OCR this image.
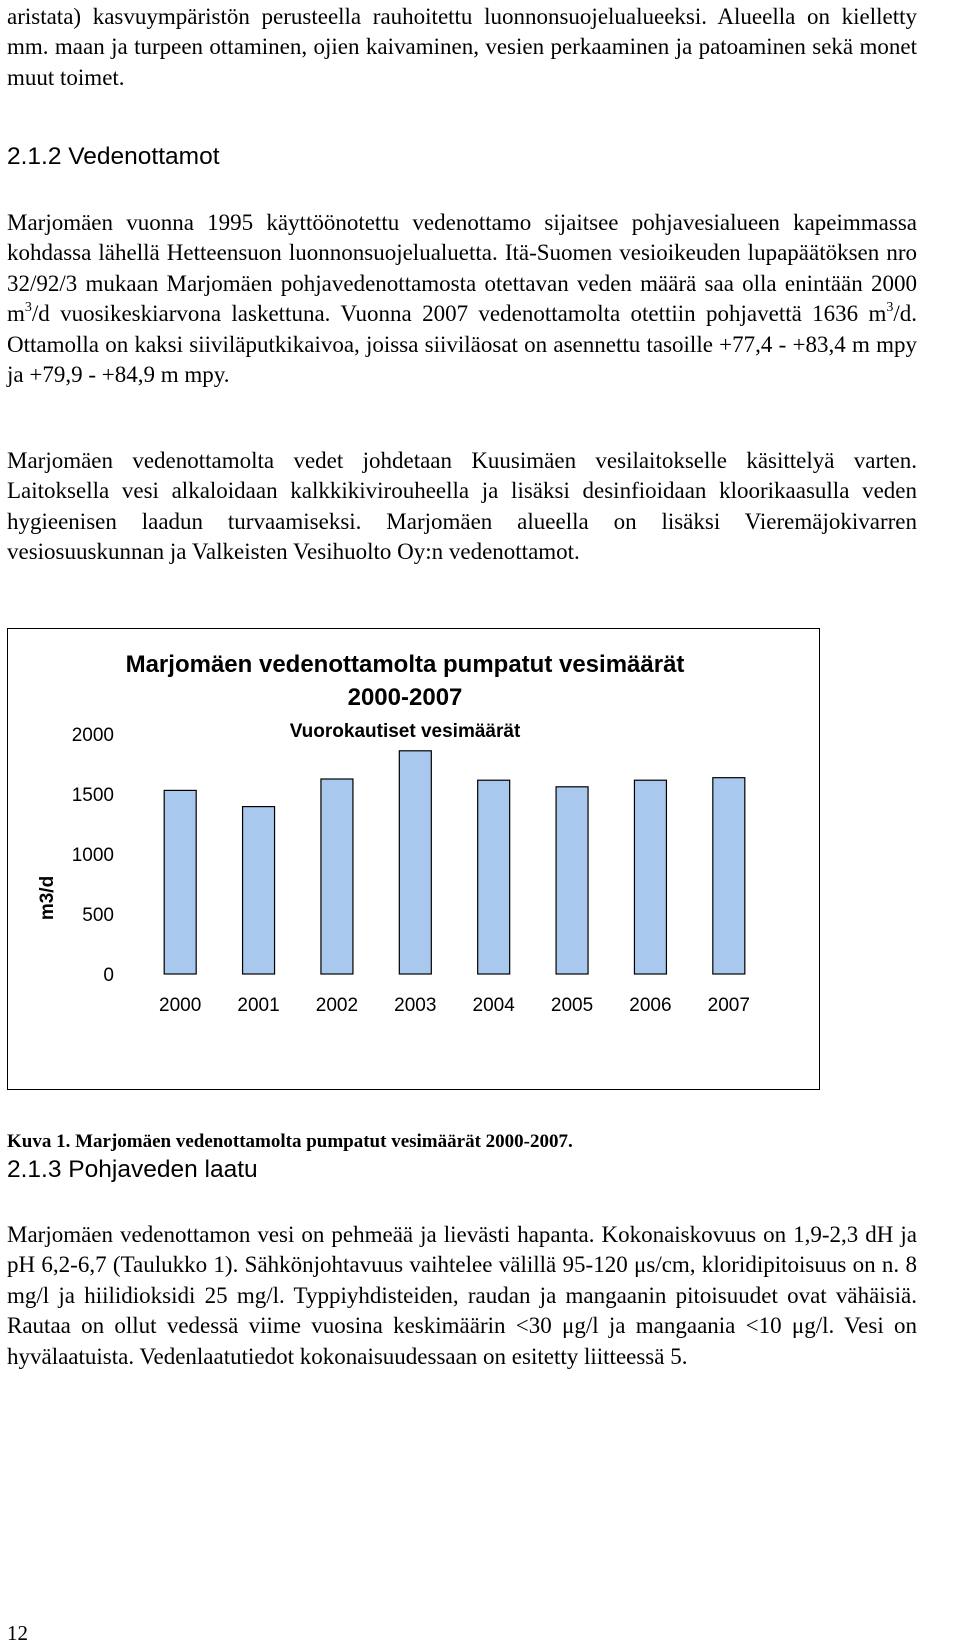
aristata) kasvuympäristön perusteella rauhoitettu luonnonsuojelualueeksi. Alueella on kielletty mm. maan ja turpeen ottaminen, ojien kaivaminen, vesien perkaaminen ja patoaminen sekä monet muut toimet.

2.1.2 Vedenottamot

Marjomäen vuonna 1995 käyttöönotettu vedenottamo sijaitsee pohjavesialueen kapeimmassa kohdassa lähellä Hetteensuon luonnonsuojelualuetta. Itä-Suomen vesioikeuden lupapäätöksen nro 32/92/3 mukaan Marjomäen pohjavedenottamosta otettavan veden määrä saa olla enintään 2000 $m^3/d$ vuosikeskiarvona laskettuna. Vuonna 2007 vedenottamolta otettiin pohjavettä 1636 $m^3/d$. Ottamolla on kaksi siiviläputkikaivoa, joissa siiviläosat on asennettu tasoille +77,4 - +83,4 m mpy ja +79,9 - +84,9 m mpy.

Marjomäen vedenottamolta vedet johdetaan Kuusimäen vesilaitokselle käsittelyä varten. Laitoksella vesi alkaloidaan kalkkikivirouheella ja lisäksi desinfioidaan kloorikaasulla veden hygieenisen laadun turvaamiseksi. Marjomäen alueella on lisäksi Vieremäjokivarren vesiosuuskunnan ja Valkeisten Vesihuolto Oy:n vedenottamot.

Marjomäen vedenottamolta pumpatut vesimäärät
2000-2007
Vuorokautiset vesimäärät
m3/d
0
500
1000
1500
2000
2000 2001 2002 2003 2004 2005 2006 2007

Kuva 1. Marjomäen vedenottamolta pumpatut vesimäärät 2000-2007.

2.1.3 Pohjaveden laatu

Marjomäen vedenottamon vesi on pehmeää ja lievästi hapanta. Kokonaiskovuus on 1,9-2,3 dH ja pH 6,2-6,7 (Taulukko 1). Sähkönjohtavuus vaihtelee välillä 95-120 μs/cm, kloridipitoisuus on n. 8 mg/l ja hiilidioksidi 25 mg/l. Typpiyhdisteiden, raudan ja mangaanin pitoisuudet ovat vähäisiä. Rautaa on ollut vedessä viime vuosina keskimäärin <30 μg/l ja mangaania <10 μg/l. Vesi on hyvälaatuista. Vedenlaatutiedot kokonaisuudessaan on esitetty liitteessä 5.

12
